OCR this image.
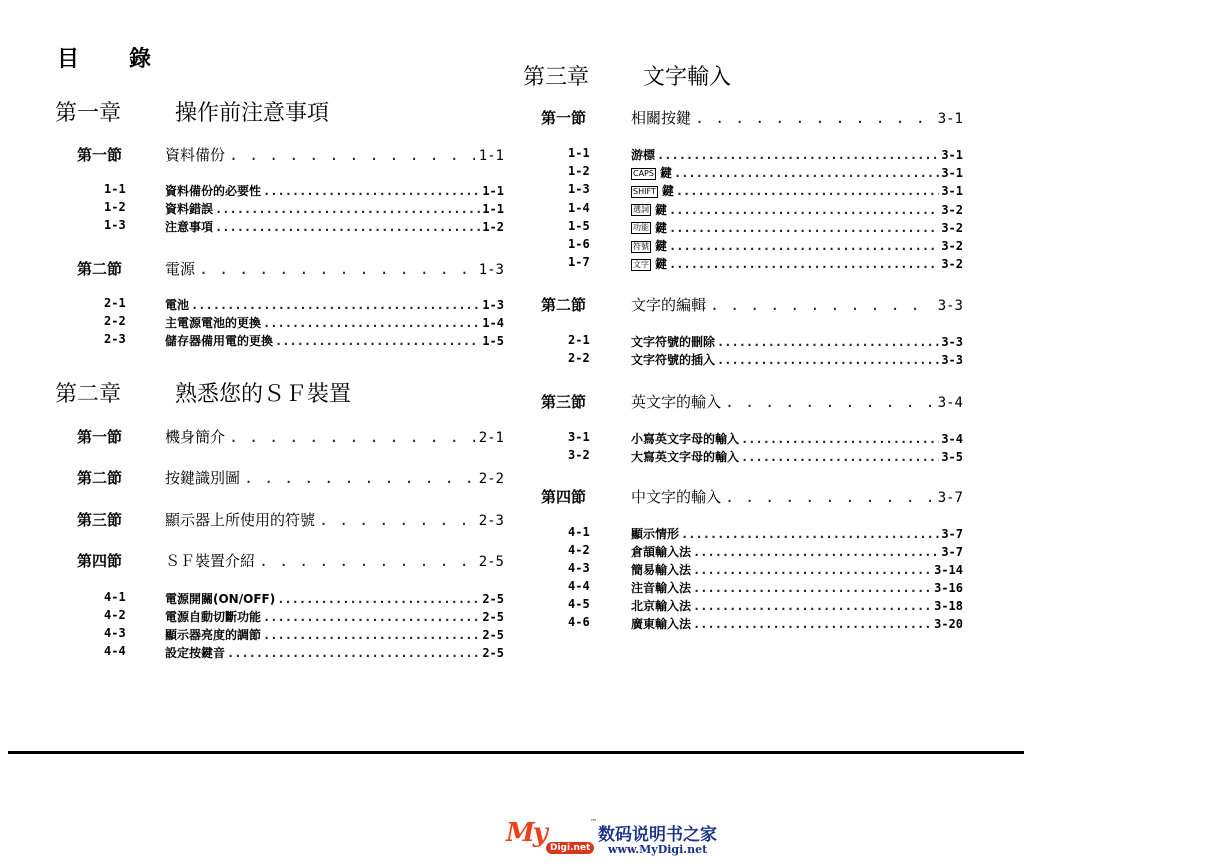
目　錄
第一章 操作前注意事項
第一節	資料備份 . . .	1-1
1-1	資料備份的必要性 .....	1-1
1-2	資料錯誤 .....	1-1
1-3	注意事項 .....	1-2
第二節	電源 . . .	1-3
2-1	電池 .....	1-3
2-2	主電源電池的更換 .....	1-4
2-3	儲存器備用電的更換 .....	1-5
第二章 熟悉您的ＳＦ裝置
第一節	機身簡介 . . .	2-1
第二節	按鍵識別圖 . . .	2-2
第三節	顯示器上所使用的符號 . . .	2-3
第四節	ＳＦ裝置介紹 . . .	2-5
4-1	電源開關(ON/OFF) .....	2-5
4-2	電源自動切斷功能 .....	2-5
4-3	顯示器亮度的調節 .....	2-5
4-4	設定按鍵音 .....	2-5
第三章 文字輸入
第一節	相關按鍵 . . .	3-1
1-1	游標 .....	3-1
1-2	CAPS 鍵 .....	3-1
1-3	SHIFT 鍵 .....	3-1
1-4	選詞 鍵 .....	3-2
1-5	功能 鍵 .....	3-2
1-6	符號 鍵 .....	3-2
1-7	文字 鍵 .....	3-2
第二節	文字的編輯 . . .	3-3
2-1	文字符號的刪除 .....	3-3
2-2	文字符號的插入 .....	3-3
第三節	英文字的輸入 . . .	3-4
3-1	小寫英文字母的輸入 .....	3-4
3-2	大寫英文字母的輸入 .....	3-5
第四節	中文字的輸入 . . .	3-7
4-1	顯示情形 .....	3-7
4-2	倉頡輸入法 .....	3-7
4-3	簡易輸入法 .....	3-14
4-4	注音輸入法 .....	3-16
4-5	北京輸入法 .....	3-18
4-6	廣東輸入法 .....	3-20
My	™
数码说明书之家
Digi.net	www.MyDigi.net
